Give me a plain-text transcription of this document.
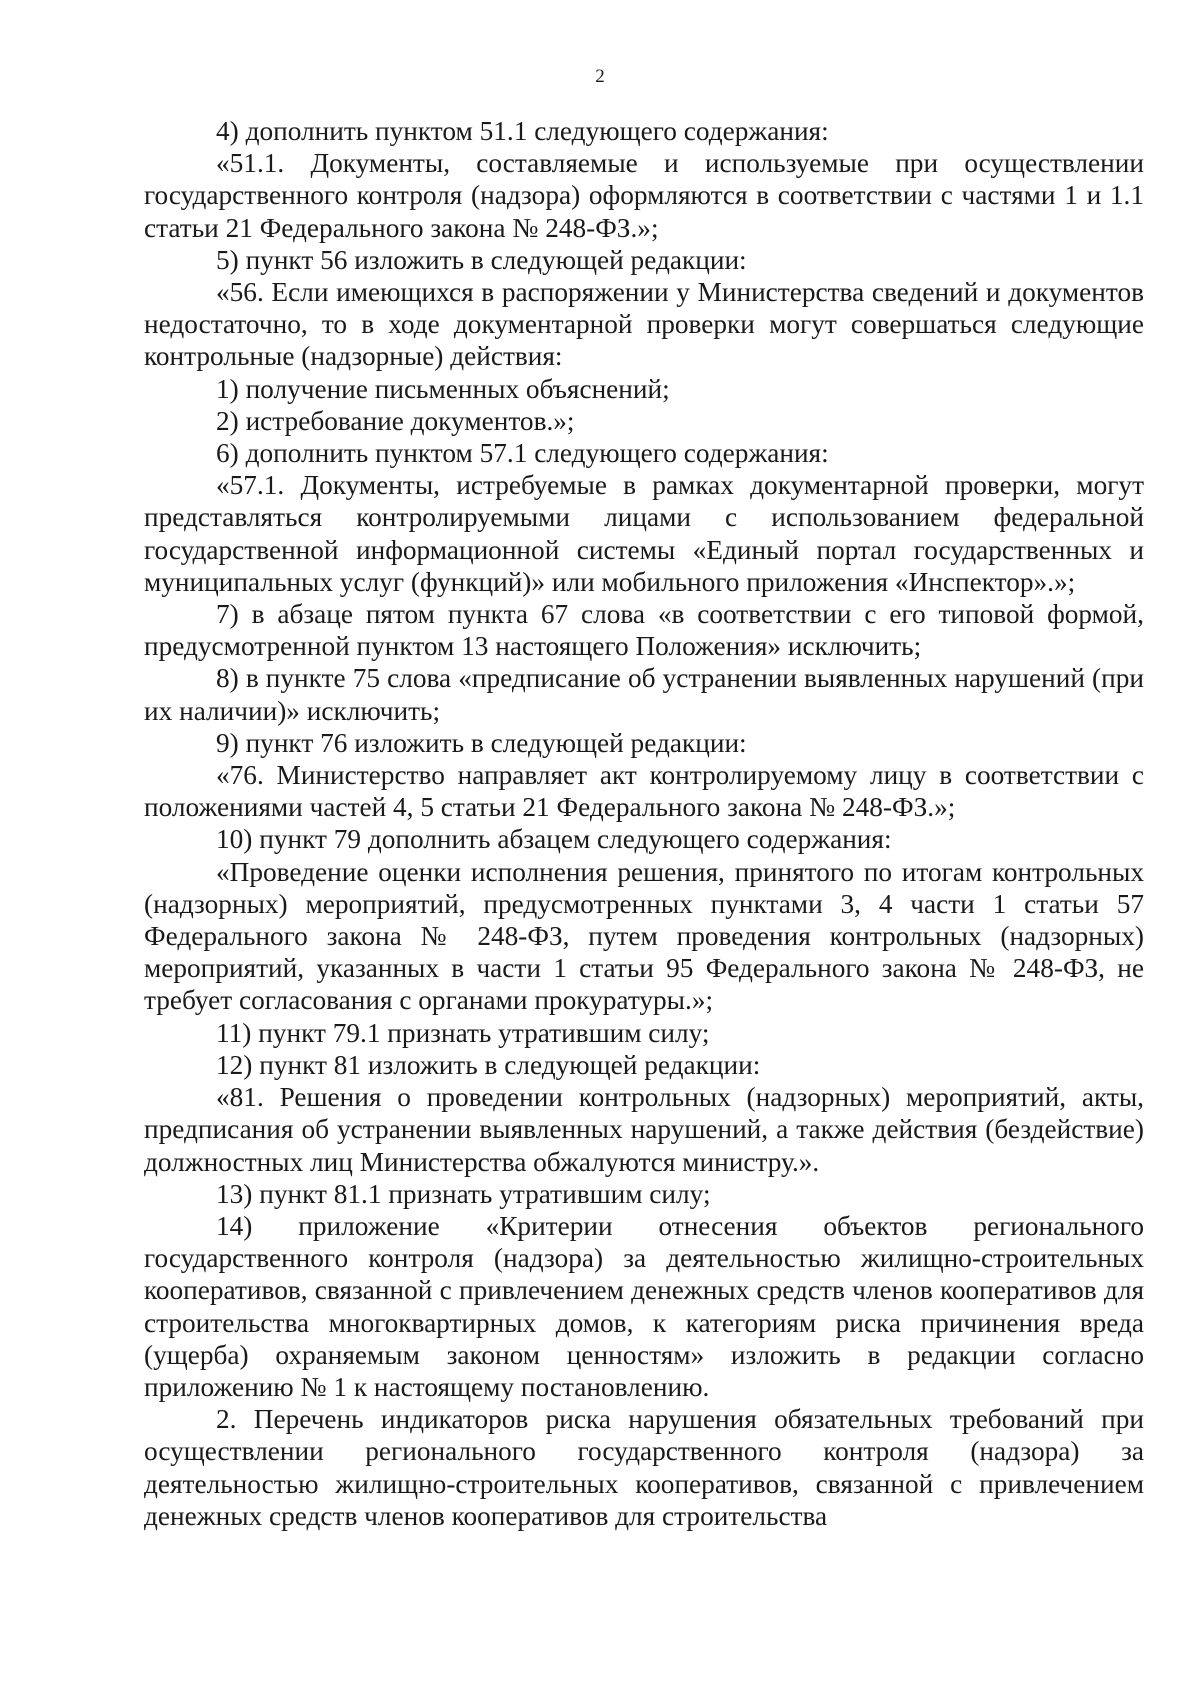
2

4) дополнить пунктом 51.1 следующего содержания:

«51.1. Документы, составляемые и используемые при осуществлении государственного контроля (надзора) оформляются в соответствии с частями 1 и 1.1 статьи 21 Федерального закона № 248-ФЗ.»;

5) пункт 56 изложить в следующей редакции:

«56. Если имеющихся в распоряжении у Министерства сведений и документов недостаточно, то в ходе документарной проверки могут совершаться следующие контрольные (надзорные) действия:

1) получение письменных объяснений;

2) истребование документов.»;

6) дополнить пунктом 57.1 следующего содержания:

«57.1. Документы, истребуемые в рамках документарной проверки, могут представляться контролируемыми лицами с использованием федеральной государственной информационной системы «Единый портал государственных и муниципальных услуг (функций)» или мобильного приложения «Инспектор».»;

7) в абзаце пятом пункта 67 слова «в соответствии с его типовой формой, предусмотренной пунктом 13 настоящего Положения» исключить;

8) в пункте 75 слова «предписание об устранении выявленных нарушений (при их наличии)» исключить;

9) пункт 76 изложить в следующей редакции:

«76. Министерство направляет акт контролируемому лицу в соответствии с положениями частей 4, 5 статьи 21 Федерального закона № 248-ФЗ.»;

10) пункт 79 дополнить абзацем следующего содержания:

«Проведение оценки исполнения решения, принятого по итогам контрольных (надзорных) мероприятий, предусмотренных пунктами 3, 4 части 1 статьи 57 Федерального закона № 248-ФЗ, путем проведения контрольных (надзорных) мероприятий, указанных в части 1 статьи 95 Федерального закона № 248-ФЗ, не требует согласования с органами прокуратуры.»;

11) пункт 79.1 признать утратившим силу;

12) пункт 81 изложить в следующей редакции:

«81. Решения о проведении контрольных (надзорных) мероприятий, акты, предписания об устранении выявленных нарушений, а также действия (бездействие) должностных лиц Министерства обжалуются министру.».

13) пункт 81.1 признать утратившим силу;

14) приложение «Критерии отнесения объектов регионального государственного контроля (надзора) за деятельностью жилищно-строительных кооперативов, связанной с привлечением денежных средств членов кооперативов для строительства многоквартирных домов, к категориям риска причинения вреда (ущерба) охраняемым законом ценностям» изложить в редакции согласно приложению № 1 к настоящему постановлению.

2. Перечень индикаторов риска нарушения обязательных требований при осуществлении регионального государственного контроля (надзора) за деятельностью жилищно-строительных кооперативов, связанной с привлечением денежных средств членов кооперативов для строительства
